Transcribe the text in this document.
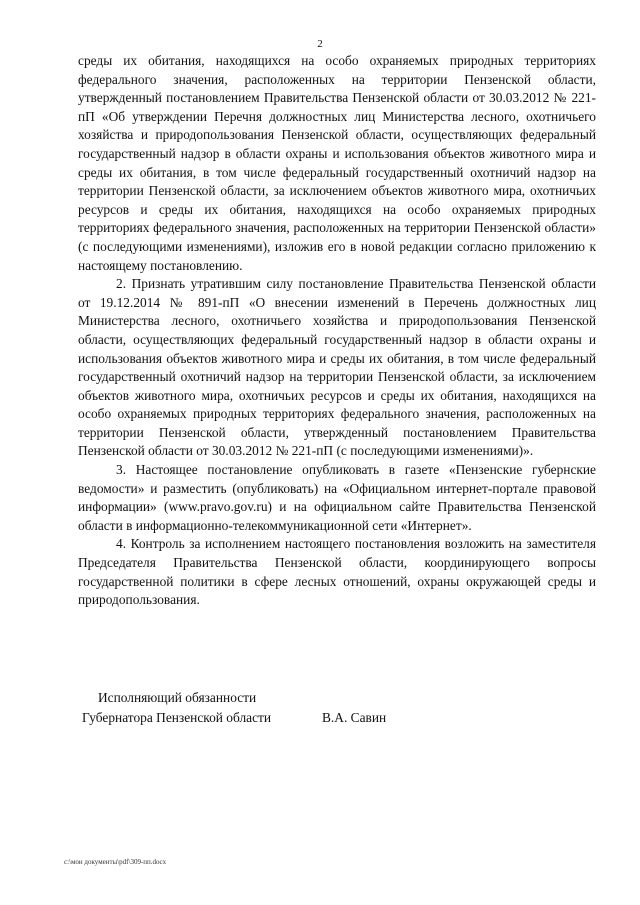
2

среды их обитания, находящихся на особо охраняемых природных территориях федерального значения, расположенных на территории Пензенской области, утвержденный постановлением Правительства Пензенской области от 30.03.2012 № 221-пП «Об утверждении Перечня должностных лиц Министерства лесного, охотничьего хозяйства и природопользования Пензенской области, осуществляющих федеральный государственный надзор в области охраны и использования объектов животного мира и среды их обитания, в том числе федеральный государственный охотничий надзор на территории Пензенской области, за исключением объектов животного мира, охотничьих ресурсов и среды их обитания, находящихся на особо охраняемых природных территориях федерального значения, расположенных на территории Пензенской области» (с последующими изменениями), изложив его в новой редакции согласно приложению к настоящему постановлению.

2. Признать утратившим силу постановление Правительства Пензенской области от 19.12.2014 № 891-пП «О внесении изменений в Перечень должностных лиц Министерства лесного, охотничьего хозяйства и природопользования Пензенской области, осуществляющих федеральный государственный надзор в области охраны и использования объектов животного мира и среды их обитания, в том числе федеральный государственный охотничий надзор на территории Пензенской области, за исключением объектов животного мира, охотничьих ресурсов и среды их обитания, находящихся на особо охраняемых природных территориях федерального значения, расположенных на территории Пензенской области, утвержденный постановлением Правительства Пензенской области от 30.03.2012 № 221-пП (с последующими изменениями)».

3. Настоящее постановление опубликовать в газете «Пензенские губернские ведомости» и разместить (опубликовать) на «Официальном интернет-портале правовой информации» (www.pravo.gov.ru) и на официальном сайте Правительства Пензенской области в информационно-телекоммуникационной сети «Интернет».

4. Контроль за исполнением настоящего постановления возложить на заместителя Председателя Правительства Пензенской области, координирующего вопросы государственной политики в сфере лесных отношений, охраны окружающей среды и природопользования.

Исполняющий обязанности
Губернатора Пензенской области	В.А. Савин
c:\мои документы\pdf\309-пп.docx
